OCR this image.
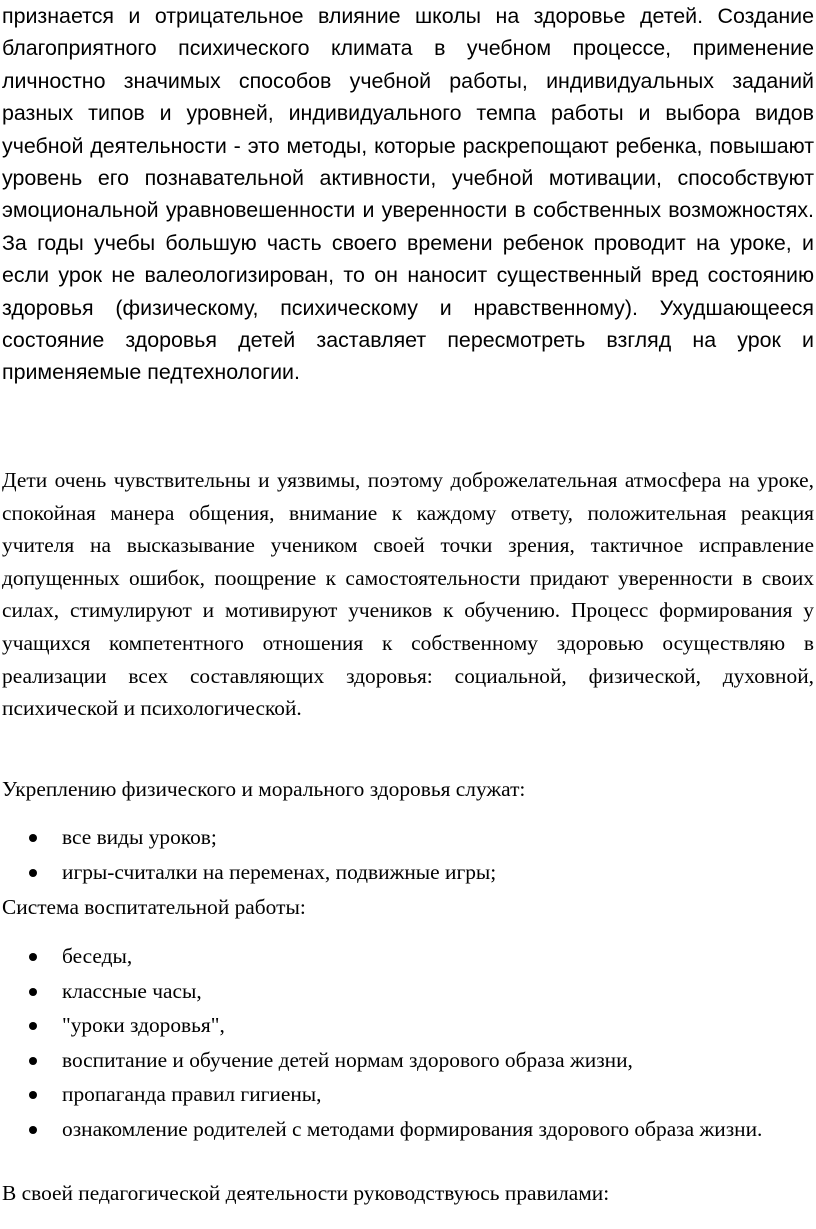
признается и отрицательное влияние школы на здоровье детей. Создание благоприятного психического климата в учебном процессе, применение личностно значимых способов учебной работы, индивидуальных заданий разных типов и уровней, индивидуального темпа работы и выбора видов учебной деятельности - это методы, которые раскрепощают ребенка, повышают уровень его познавательной активности, учебной мотивации, способствуют эмоциональной уравновешенности и уверенности в собственных возможностях. За годы учебы большую часть своего времени ребенок проводит на уроке, и если урок не валеологизирован, то он наносит существенный вред состоянию здоровья (физическому, психическому и нравственному). Ухудшающееся состояние здоровья детей заставляет пересмотреть взгляд на урок и применяемые педтехнологии.

Дети очень чувствительны и уязвимы, поэтому доброжелательная атмосфера на уроке, спокойная манера общения, внимание к каждому ответу, положительная реакция учителя на высказывание учеником своей точки зрения, тактичное исправление допущенных ошибок, поощрение к самостоятельности придают уверенности в своих силах, стимулируют и мотивируют учеников к обучению. Процесс формирования у учащихся компетентного отношения к собственному здоровью осуществляю в реализации всех составляющих здоровья: социальной, физической, духовной, психической и психологической.

Укреплению физического и морального здоровья служат:

все виды уроков;
игры-считалки на переменах, подвижные игры;

Система воспитательной работы:

беседы,
классные часы,
"уроки здоровья",
воспитание и обучение детей нормам здорового образа жизни,
пропаганда правил гигиены,
ознакомление родителей с методами формирования здорового образа жизни.

В своей педагогической деятельности руководствуюсь правилами:
